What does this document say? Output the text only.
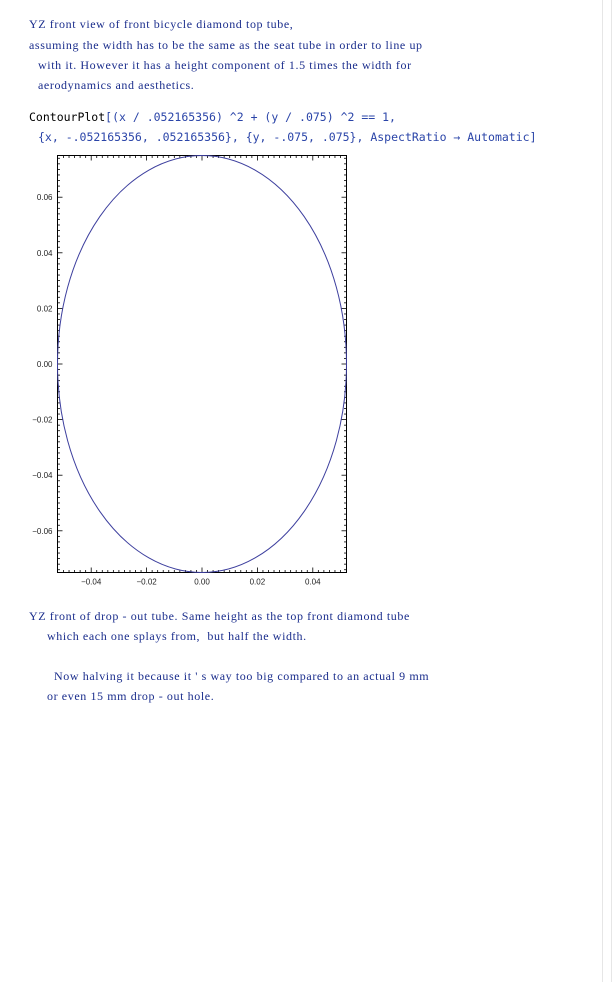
YZ front view of front bicycle diamond top tube,

assuming the width has to be the same as the seat tube in order to line up

with it. However it has a height component of 1.5 times the width for

aerodynamics and aesthetics.

ContourPlot[(x / .052165356) ^2 + (y / .075) ^2 == 1,

{x, -.052165356, .052165356}, {y, -.075, .075}, AspectRatio → Automatic]

−0.04	−0.02	0.00	0.02	0.04
0.06
0.04
0.02
0.00
−0.02
−0.04
−0.06

YZ front of drop - out tube. Same height as the top front diamond tube

which each one splays from,  but half the width.

Now halving it because it ' s way too big compared to an actual 9 mm

or even 15 mm drop - out hole.
